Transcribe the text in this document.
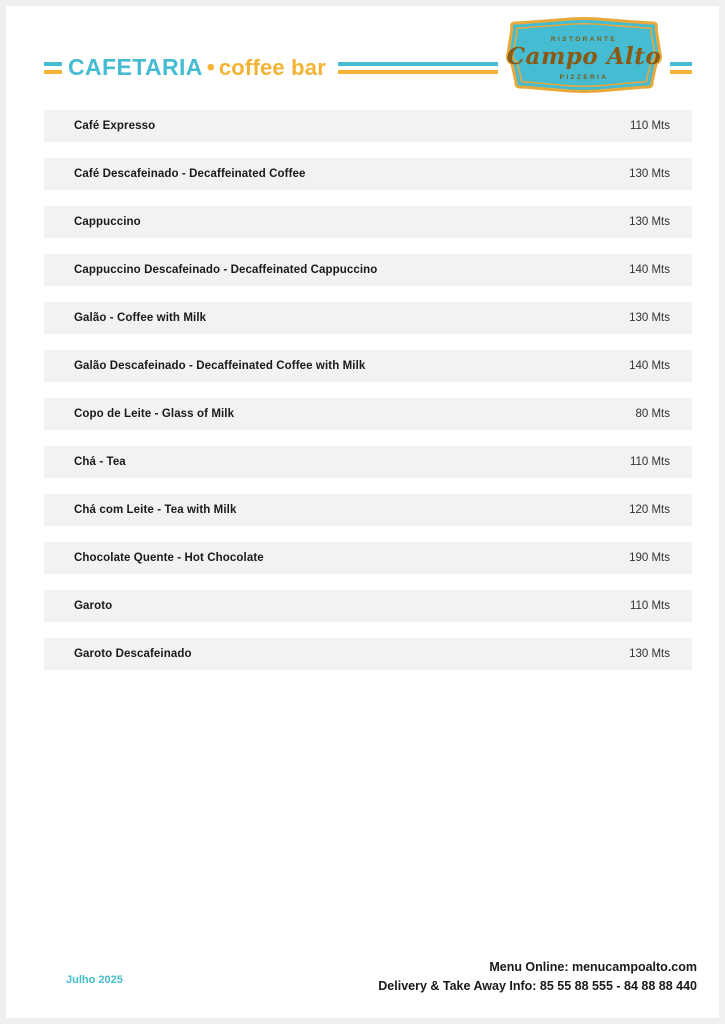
CAFETARIA • coffee bar
RISTORANTE
Campo Alto
PIZZERIA
Café Expresso	110 Mts
Café Descafeinado - Decaffeinated Coffee	130 Mts
Cappuccino	130 Mts
Cappuccino Descafeinado - Decaffeinated Cappuccino	140 Mts
Galão - Coffee with Milk	130 Mts
Galão Descafeinado - Decaffeinated Coffee with Milk	140 Mts
Copo de Leite - Glass of Milk	80 Mts
Chá - Tea	110 Mts
Chá com Leite - Tea with Milk	120 Mts
Chocolate Quente - Hot Chocolate	190 Mts
Garoto	110 Mts
Garoto Descafeinado	130 Mts
Julho 2025
Menu Online: menucampoalto.com
Delivery & Take Away Info: 85 55 88 555 - 84 88 88 440
